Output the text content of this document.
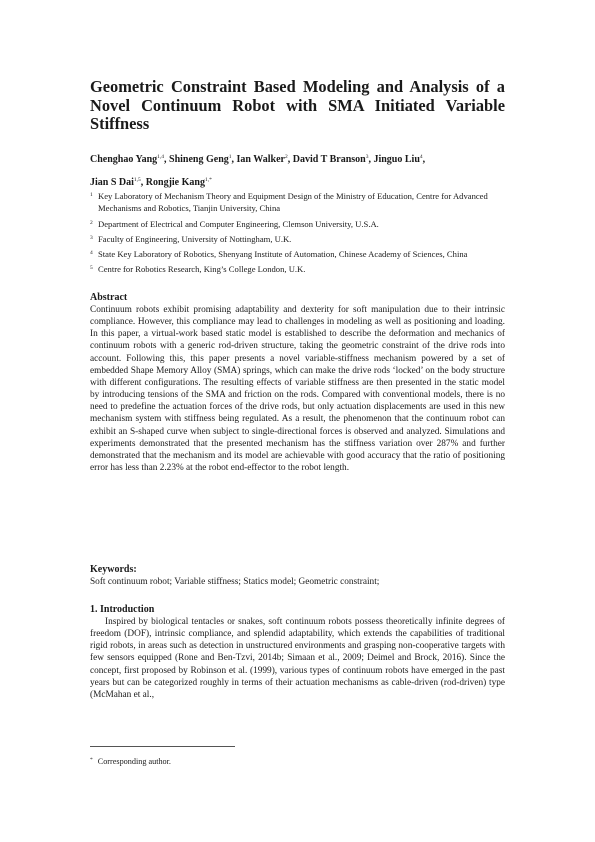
Geometric Constraint Based Modeling and Analysis of a Novel Continuum Robot with SMA Initiated Variable Stiffness
Chenghao Yang$^{1,4}$, Shineng Geng$^1$, Ian Walker$^2$, David T Branson$^3$, Jinguo Liu$^4$,
Jian S Dai$^{1,5}$, Rongjie Kang$^{1,*}$
1 Key Laboratory of Mechanism Theory and Equipment Design of the Ministry of Education, Centre for Advanced Mechanisms and Robotics, Tianjin University, China
2 Department of Electrical and Computer Engineering, Clemson University, U.S.A.
3 Faculty of Engineering, University of Nottingham, U.K.
4 State Key Laboratory of Robotics, Shenyang Institute of Automation, Chinese Academy of Sciences, China
5 Centre for Robotics Research, King’s College London, U.K.
Abstract
Continuum robots exhibit promising adaptability and dexterity for soft manipulation due to their intrinsic compliance. However, this compliance may lead to challenges in modeling as well as positioning and loading. In this paper, a virtual-work based static model is established to describe the deformation and mechanics of continuum robots with a generic rod-driven structure, taking the geometric constraint of the drive rods into account. Following this, this paper presents a novel variable-stiffness mechanism powered by a set of embedded Shape Memory Alloy (SMA) springs, which can make the drive rods ‘locked’ on the body structure with different configurations. The resulting effects of variable stiffness are then presented in the static model by introducing tensions of the SMA and friction on the rods. Compared with conventional models, there is no need to predefine the actuation forces of the drive rods, but only actuation displacements are used in this new mechanism system with stiffness being regulated. As a result, the phenomenon that the continuum robot can exhibit an S-shaped curve when subject to single-directional forces is observed and analyzed. Simulations and experiments demonstrated that the presented mechanism has the stiffness variation over 287% and further demonstrated that the mechanism and its model are achievable with good accuracy that the ratio of positioning error has less than 2.23% at the robot end-effector to the robot length.
Keywords:
Soft continuum robot; Variable stiffness; Statics model; Geometric constraint;
1. Introduction
Inspired by biological tentacles or snakes, soft continuum robots possess theoretically infinite degrees of freedom (DOF), intrinsic compliance, and splendid adaptability, which extends the capabilities of traditional rigid robots, in areas such as detection in unstructured environments and grasping non-cooperative targets with few sensors equipped (Rone and Ben-Tzvi, 2014b; Simaan et al., 2009; Deimel and Brock, 2016). Since the concept, first proposed by Robinson et al. (1999), various types of continuum robots have emerged in the past years but can be categorized roughly in terms of their actuation mechanisms as cable-driven (rod-driven) type (McMahan et al.,
* Corresponding author.
